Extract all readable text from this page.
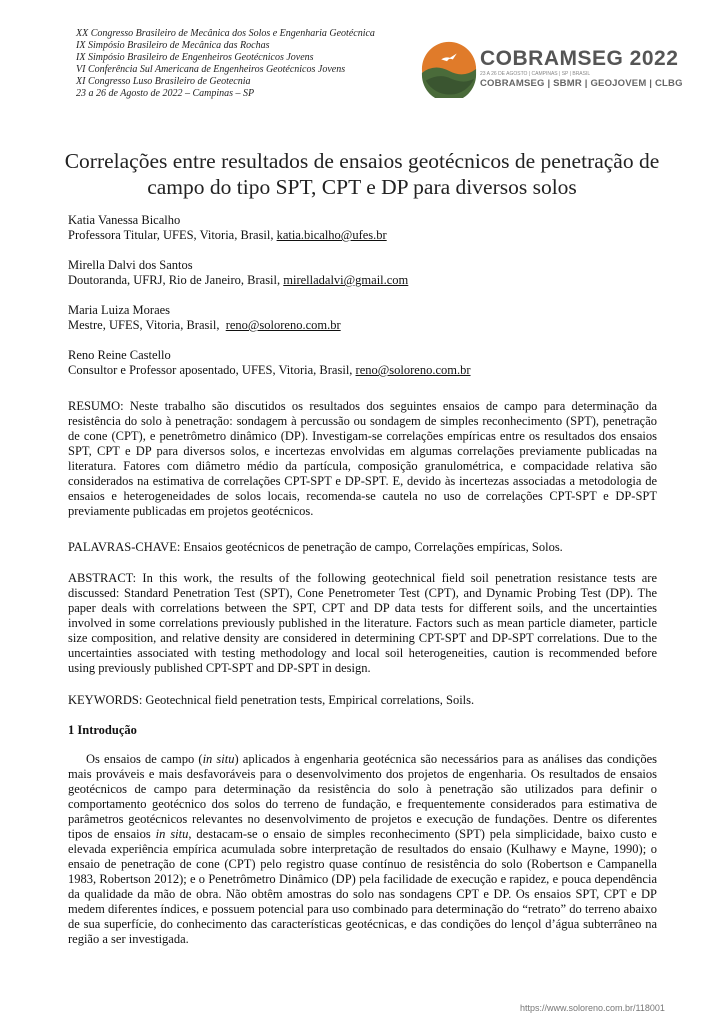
XX Congresso Brasileiro de Mecânica dos Solos e Engenharia Geotécnica
IX Simpósio Brasileiro de Mecânica das Rochas
IX Simpósio Brasileiro de Engenheiros Geotécnicos Jovens
VI Conferência Sul Americana de Engenheiros Geotécnicos Jovens
XI Congresso Luso Brasileiro de Geotecnia
23 a 26 de Agosto de 2022 – Campinas – SP
COBRAMSEG 2022
23 A 26 DE AGOSTO | CAMPINAS | SP | BRASIL
COBRAMSEG | SBMR | GEOJOVEM | CLBG
Correlações entre resultados de ensaios geotécnicos de penetração de campo do tipo SPT, CPT e DP para diversos solos
Katia Vanessa Bicalho
Professora Titular, UFES, Vitoria, Brasil, katia.bicalho@ufes.br
Mirella Dalvi dos Santos
Doutoranda, UFRJ, Rio de Janeiro, Brasil, mirelladalvi@gmail.com
Maria Luiza Moraes
Mestre, UFES, Vitoria, Brasil,  reno@soloreno.com.br
Reno Reine Castello
Consultor e Professor aposentado, UFES, Vitoria, Brasil, reno@soloreno.com.br
RESUMO: Neste trabalho são discutidos os resultados dos seguintes ensaios de campo para determinação da resistência do solo à penetração: sondagem à percussão ou sondagem de simples reconhecimento (SPT), penetração de cone (CPT), e penetrômetro dinâmico (DP). Investigam-se correlações empíricas entre os resultados dos ensaios SPT, CPT e DP para diversos solos, e incertezas envolvidas em algumas correlações previamente publicadas na literatura. Fatores com diâmetro médio da partícula, composição granulométrica, e compacidade relativa são considerados na estimativa de correlações CPT-SPT e DP-SPT. E, devido às incertezas associadas a metodologia de ensaios e heterogeneidades de solos locais, recomenda-se cautela no uso de correlações CPT-SPT e DP-SPT previamente publicadas em projetos geotécnicos.
PALAVRAS-CHAVE: Ensaios geotécnicos de penetração de campo, Correlações empíricas, Solos.
ABSTRACT: In this work, the results of the following geotechnical field soil penetration resistance tests are discussed: Standard Penetration Test (SPT), Cone Penetrometer Test (CPT), and Dynamic Probing Test (DP). The paper deals with correlations between the SPT, CPT and DP data tests for different soils, and the uncertainties involved in some correlations previously published in the literature. Factors such as mean particle diameter, particle size composition, and relative density are considered in determining CPT-SPT and DP-SPT correlations. Due to the uncertainties associated with testing methodology and local soil heterogeneities, caution is recommended before using previously published CPT-SPT and DP-SPT in design.
KEYWORDS: Geotechnical field penetration tests, Empirical correlations, Soils.
1 Introdução
Os ensaios de campo (in situ) aplicados à engenharia geotécnica são necessários para as análises das condições mais prováveis e mais desfavoráveis para o desenvolvimento dos projetos de engenharia. Os resultados de ensaios geotécnicos de campo para determinação da resistência do solo à penetração são utilizados para definir o comportamento geotécnico dos solos do terreno de fundação, e frequentemente considerados para estimativa de parâmetros geotécnicos relevantes no desenvolvimento de projetos e execução de fundações. Dentre os diferentes tipos de ensaios in situ, destacam-se o ensaio de simples reconhecimento (SPT) pela simplicidade, baixo custo e elevada experiência empírica acumulada sobre interpretação de resultados do ensaio (Kulhawy e Mayne, 1990); o ensaio de penetração de cone (CPT) pelo registro quase contínuo de resistência do solo (Robertson e Campanella 1983, Robertson 2012); e o Penetrômetro Dinâmico (DP) pela facilidade de execução e rapidez, e pouca dependência da qualidade da mão de obra. Não obtêm amostras do solo nas sondagens CPT e DP. Os ensaios SPT, CPT e DP medem diferentes índices, e possuem potencial para uso combinado para determinação do “retrato” do terreno abaixo de sua superfície, do conhecimento das características geotécnicas, e das condições do lençol d’água subterrâneo na região a ser investigada.
https://www.soloreno.com.br/118001
